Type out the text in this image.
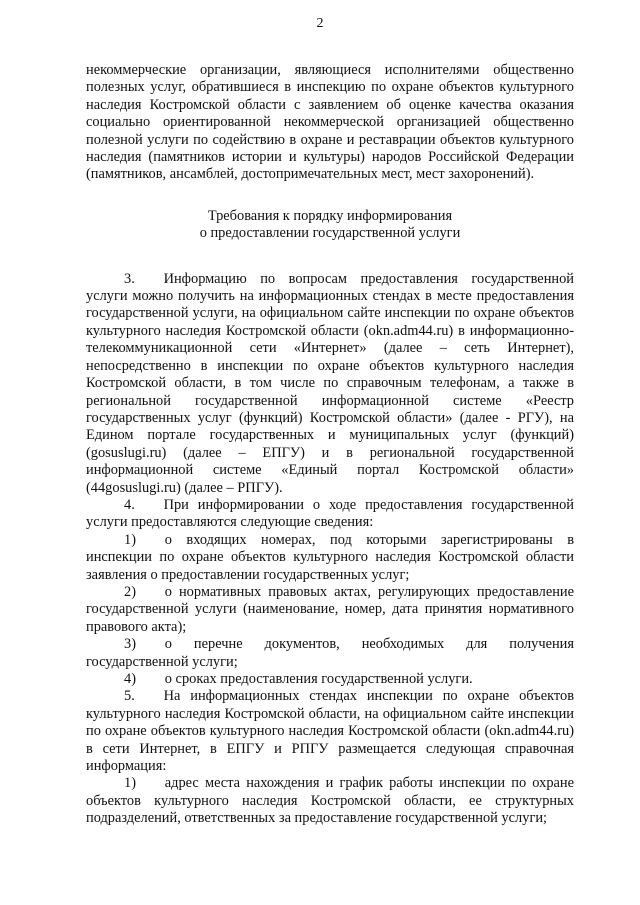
2

некоммерческие организации, являющиеся исполнителями общественно полезных услуг, обратившиеся в инспекцию по охране объектов культурного наследия Костромской области с заявлением об оценке качества оказания социально ориентированной некоммерческой организацией общественно полезной услуги по содействию в охране и реставрации объектов культурного наследия (памятников истории и культуры) народов Российской Федерации (памятников, ансамблей, достопримечательных мест, мест захоронений).

Требования к порядку информирования
о предоставлении государственной услуги

3.  Информацию по вопросам предоставления государственной услуги можно получить на информационных стендах в месте предоставления государственной услуги, на официальном сайте инспекции по охране объектов культурного наследия Костромской области (okn.adm44.ru) в информационно-телекоммуникационной сети «Интернет» (далее – сеть Интернет), непосредственно в инспекции по охране объектов культурного наследия Костромской области, в том числе по справочным телефонам, а также в региональной государственной информационной системе «Реестр государственных услуг (функций) Костромской области» (далее - РГУ), на Едином портале государственных и муниципальных услуг (функций) (gosuslugi.ru) (далее – ЕПГУ) и в региональной государственной информационной системе «Единый портал Костромской области» (44gosuslugi.ru) (далее – РПГУ).

4.  При информировании о ходе предоставления государственной услуги предоставляются следующие сведения:

1)  о входящих номерах, под которыми зарегистрированы в инспекции по охране объектов культурного наследия Костромской области заявления о предоставлении государственных услуг;

2)  о нормативных правовых актах, регулирующих предоставление государственной услуги (наименование, номер, дата принятия нормативного правового акта);

3)  о перечне документов, необходимых для получения государственной услуги;

4)  о сроках предоставления государственной услуги.

5.  На информационных стендах инспекции по охране объектов культурного наследия Костромской области, на официальном сайте инспекции по охране объектов культурного наследия Костромской области (okn.adm44.ru) в сети Интернет, в ЕПГУ и РПГУ размещается следующая справочная информация:

1)  адрес места нахождения и график работы инспекции по охране объектов культурного наследия Костромской области, ее структурных подразделений, ответственных за предоставление государственной услуги;
